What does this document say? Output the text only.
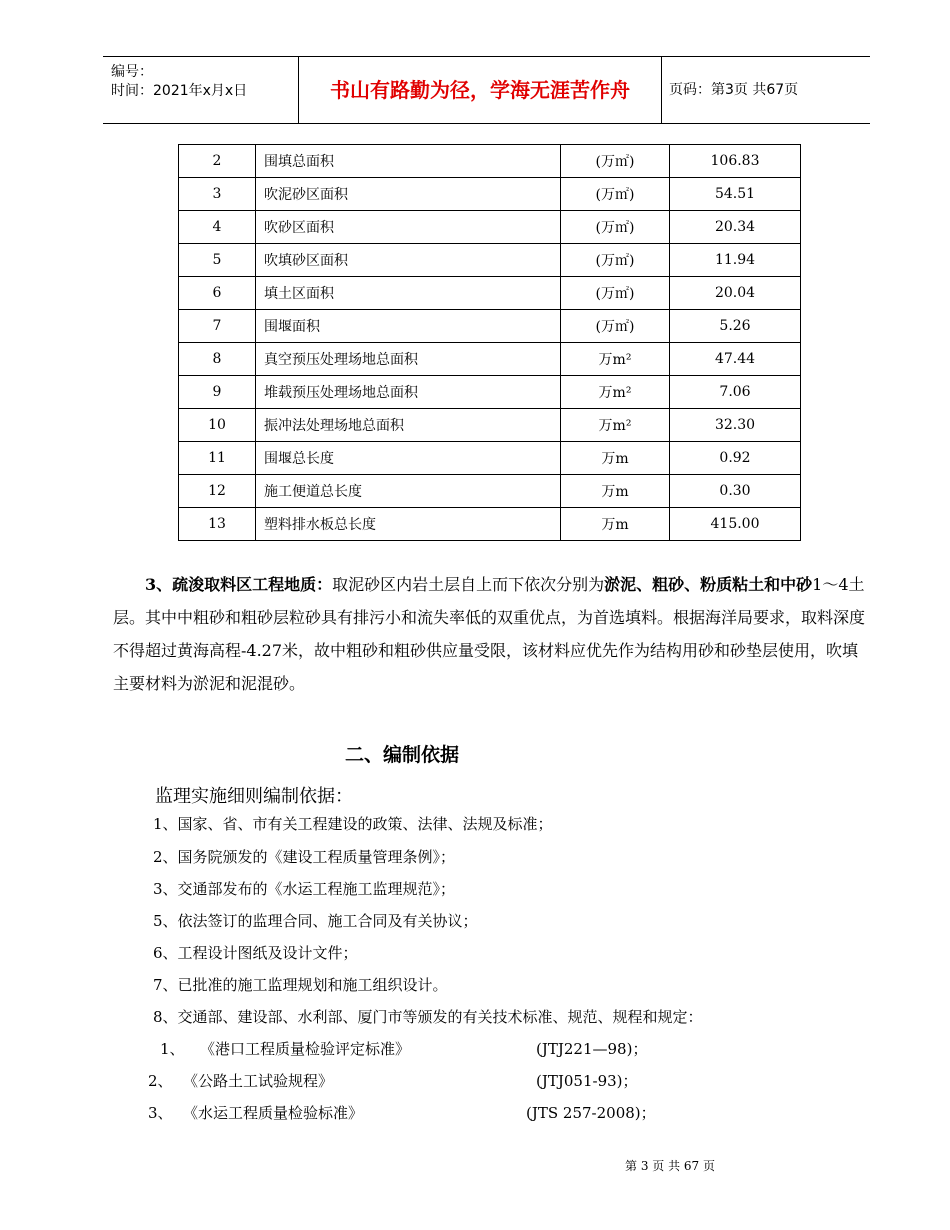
编号：
时间：2021年x月x日	书山有路勤为径，学海无涯苦作舟	页码：第3页 共67页
2	围填总面积	(万㎡)	106.83
3	吹泥砂区面积	(万㎡)	54.51
4	吹砂区面积	(万㎡)	20.34
5	吹填砂区面积	(万㎡)	11.94
6	填土区面积	(万㎡)	20.04
7	围堰面积	(万㎡)	5.26
8	真空预压处理场地总面积	万m²	47.44
9	堆载预压处理场地总面积	万m²	7.06
10	振冲法处理场地总面积	万m²	32.30
11	围堰总长度	万m	0.92
12	施工便道总长度	万m	0.30
13	塑料排水板总长度	万m	415.00
3、疏浚取料区工程地质：取泥砂区内岩土层自上而下依次分别为淤泥、粗砂、粉质粘土和中砂1～4土层。其中中粗砂和粗砂层粒砂具有排污小和流失率低的双重优点，为首选填料。根据海洋局要求，取料深度不得超过黄海高程-4.27米，故中粗砂和粗砂供应量受限，该材料应优先作为结构用砂和砂垫层使用，吹填主要材料为淤泥和泥混砂。
二、编制依据
监理实施细则编制依据：
1、国家、省、市有关工程建设的政策、法律、法规及标准；
2、国务院颁发的《建设工程质量管理条例》；
3、交通部发布的《水运工程施工监理规范》；
5、依法签订的监理合同、施工合同及有关协议；
6、工程设计图纸及设计文件；
7、已批准的施工监理规划和施工组织设计。
8、交通部、建设部、水利部、厦门市等颁发的有关技术标准、规范、规程和规定：
1、 《港口工程质量检验评定标准》	(JTJ221—98)；
2、 《公路土工试验规程》	(JTJ051-93)；
3、 《水运工程质量检验标准》	(JTS 257-2008)；
第 3 页 共 67 页
